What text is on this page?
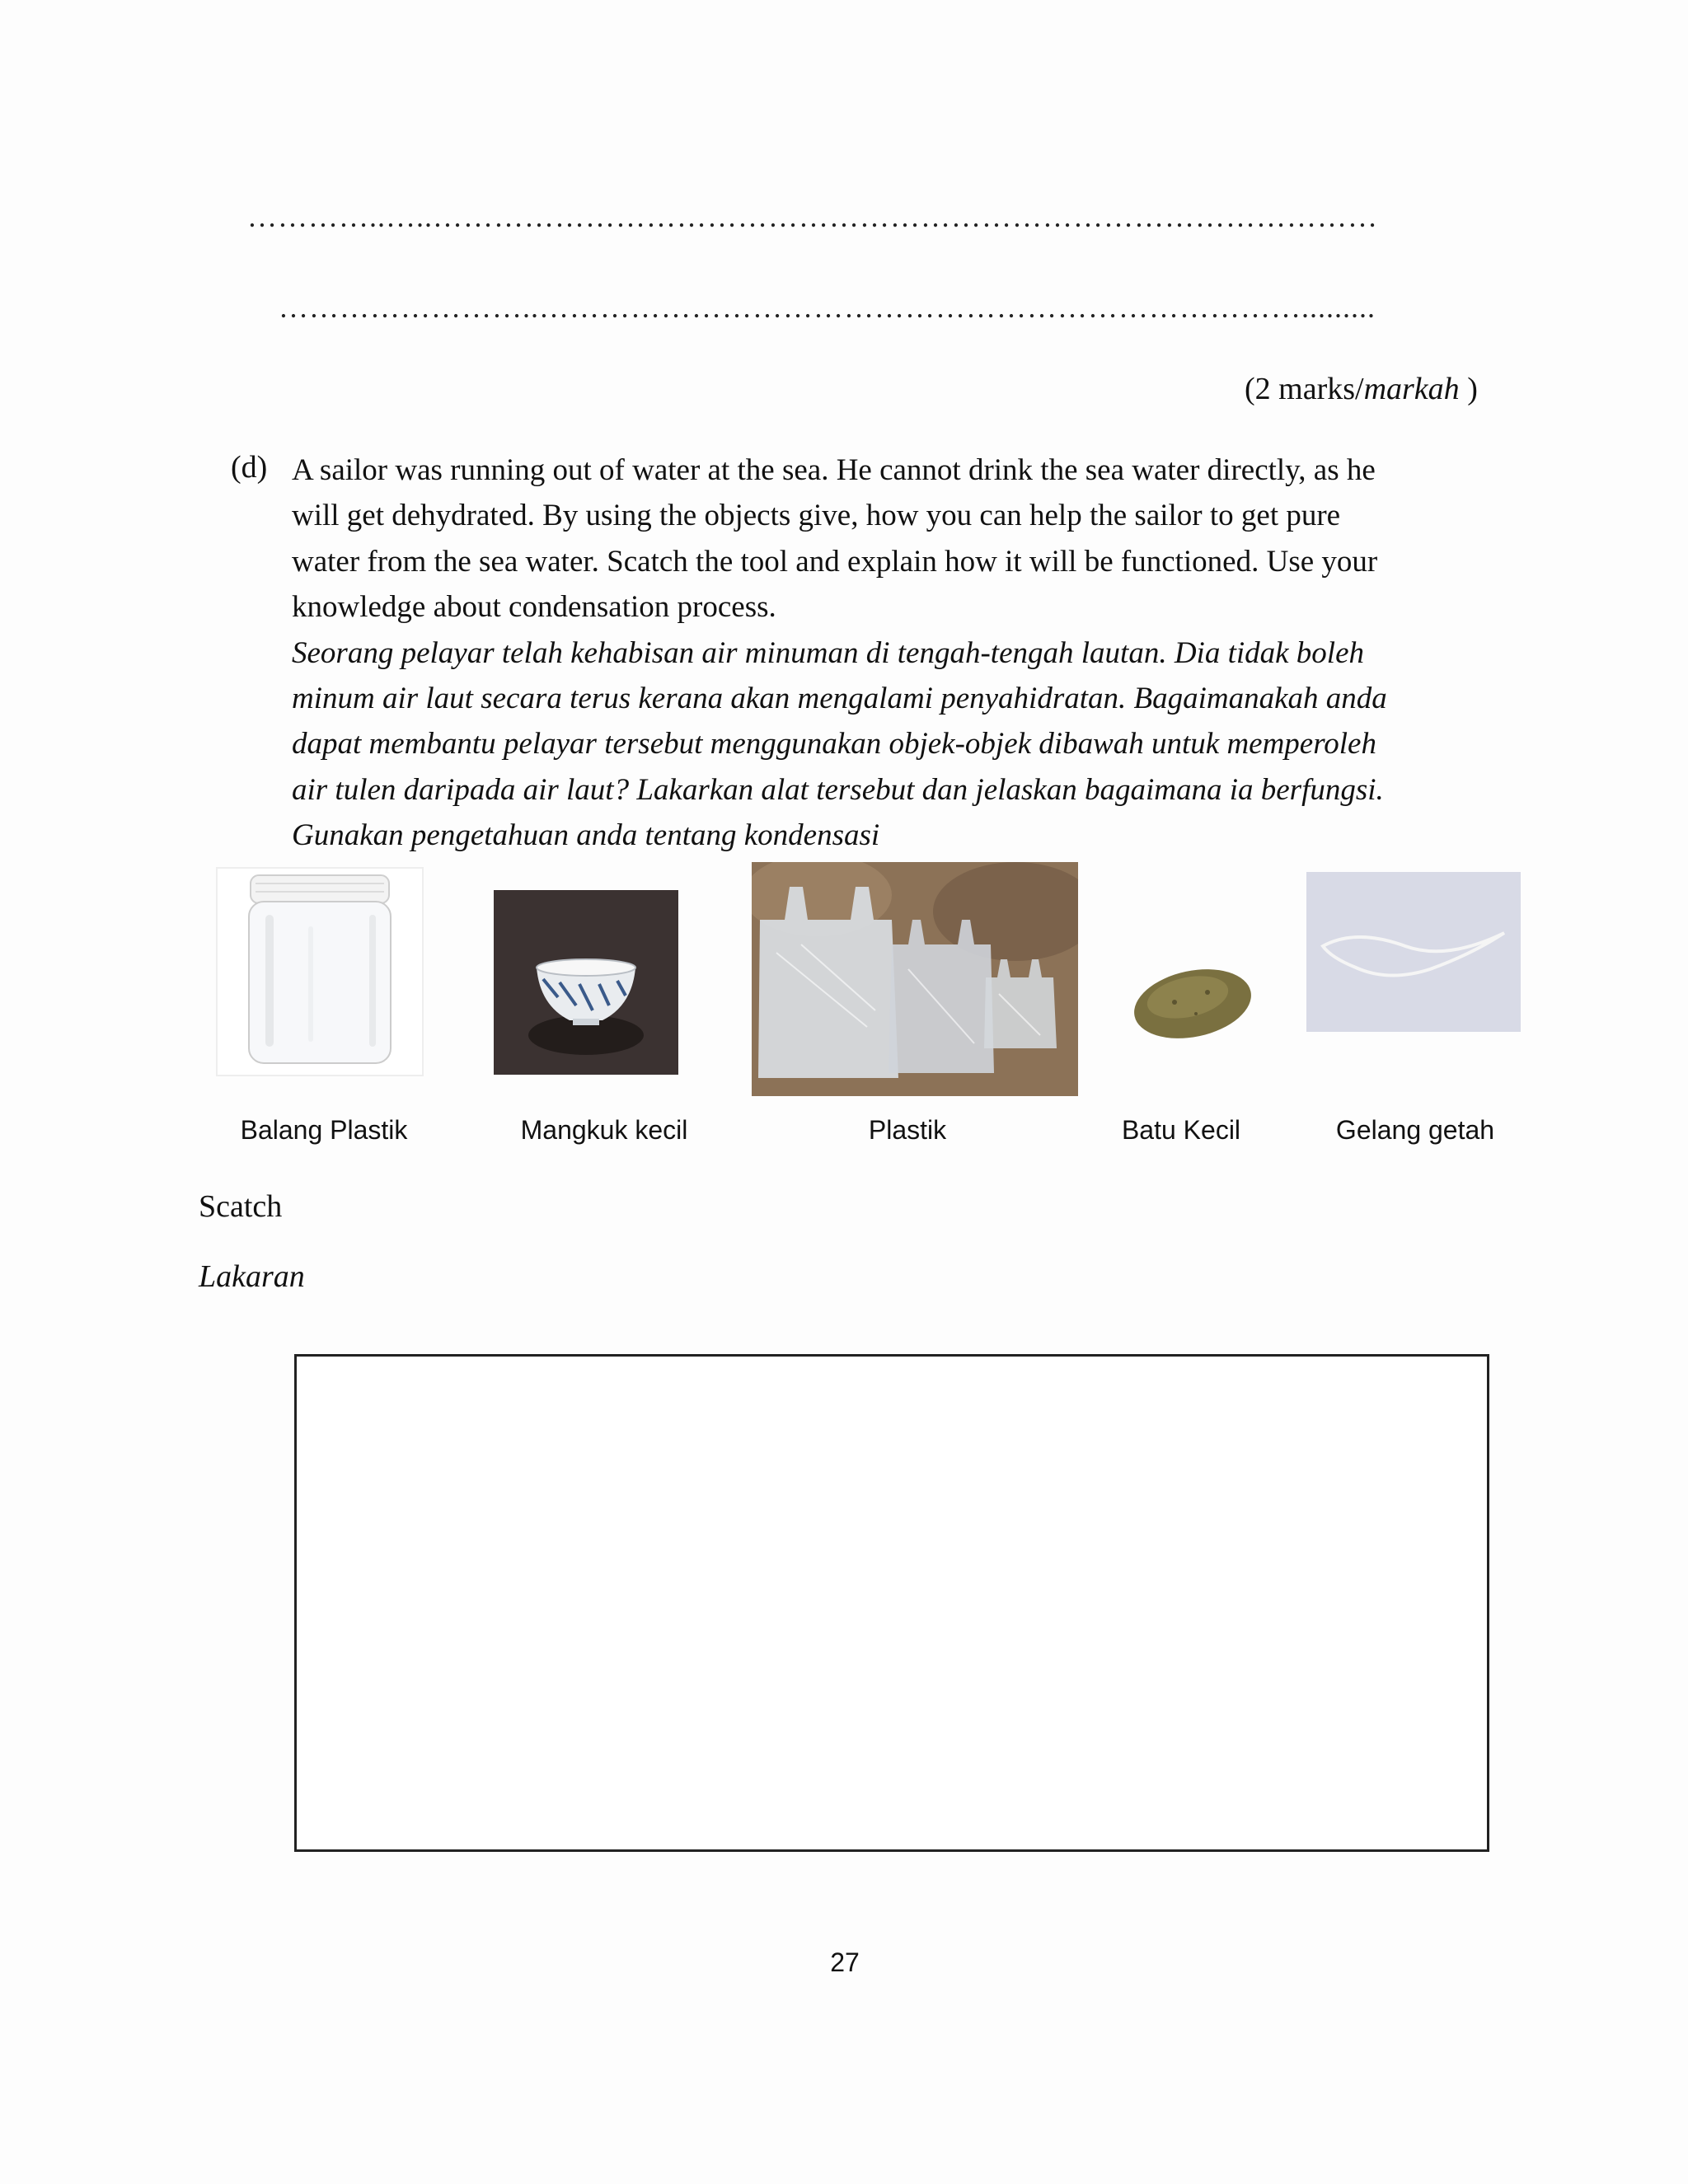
…………..…..…………………………………………………………………………………
……………………..………………………………………………………………….........
(2 marks/markah )
(d) A sailor was running out of water at the sea. He cannot drink the sea water directly, as he

will get dehydrated. By using the objects give, how you can help the sailor to get pure

water from the sea water. Scatch the tool and explain how it will be functioned. Use your

knowledge about condensation process.

Seorang pelayar telah kehabisan air minuman di tengah-tengah lautan. Dia tidak boleh

minum air laut secara terus kerana akan mengalami penyahidratan. Bagaimanakah anda

dapat membantu pelayar tersebut menggunakan objek-objek dibawah untuk memperoleh

air tulen daripada air laut? Lakarkan alat tersebut dan jelaskan bagaimana ia berfungsi.

Gunakan pengetahuan anda tentang kondensasi

Balang Plastik	Mangkuk kecil	Plastik	Batu Kecil	Gelang getah
Scatch
Lakaran
27
